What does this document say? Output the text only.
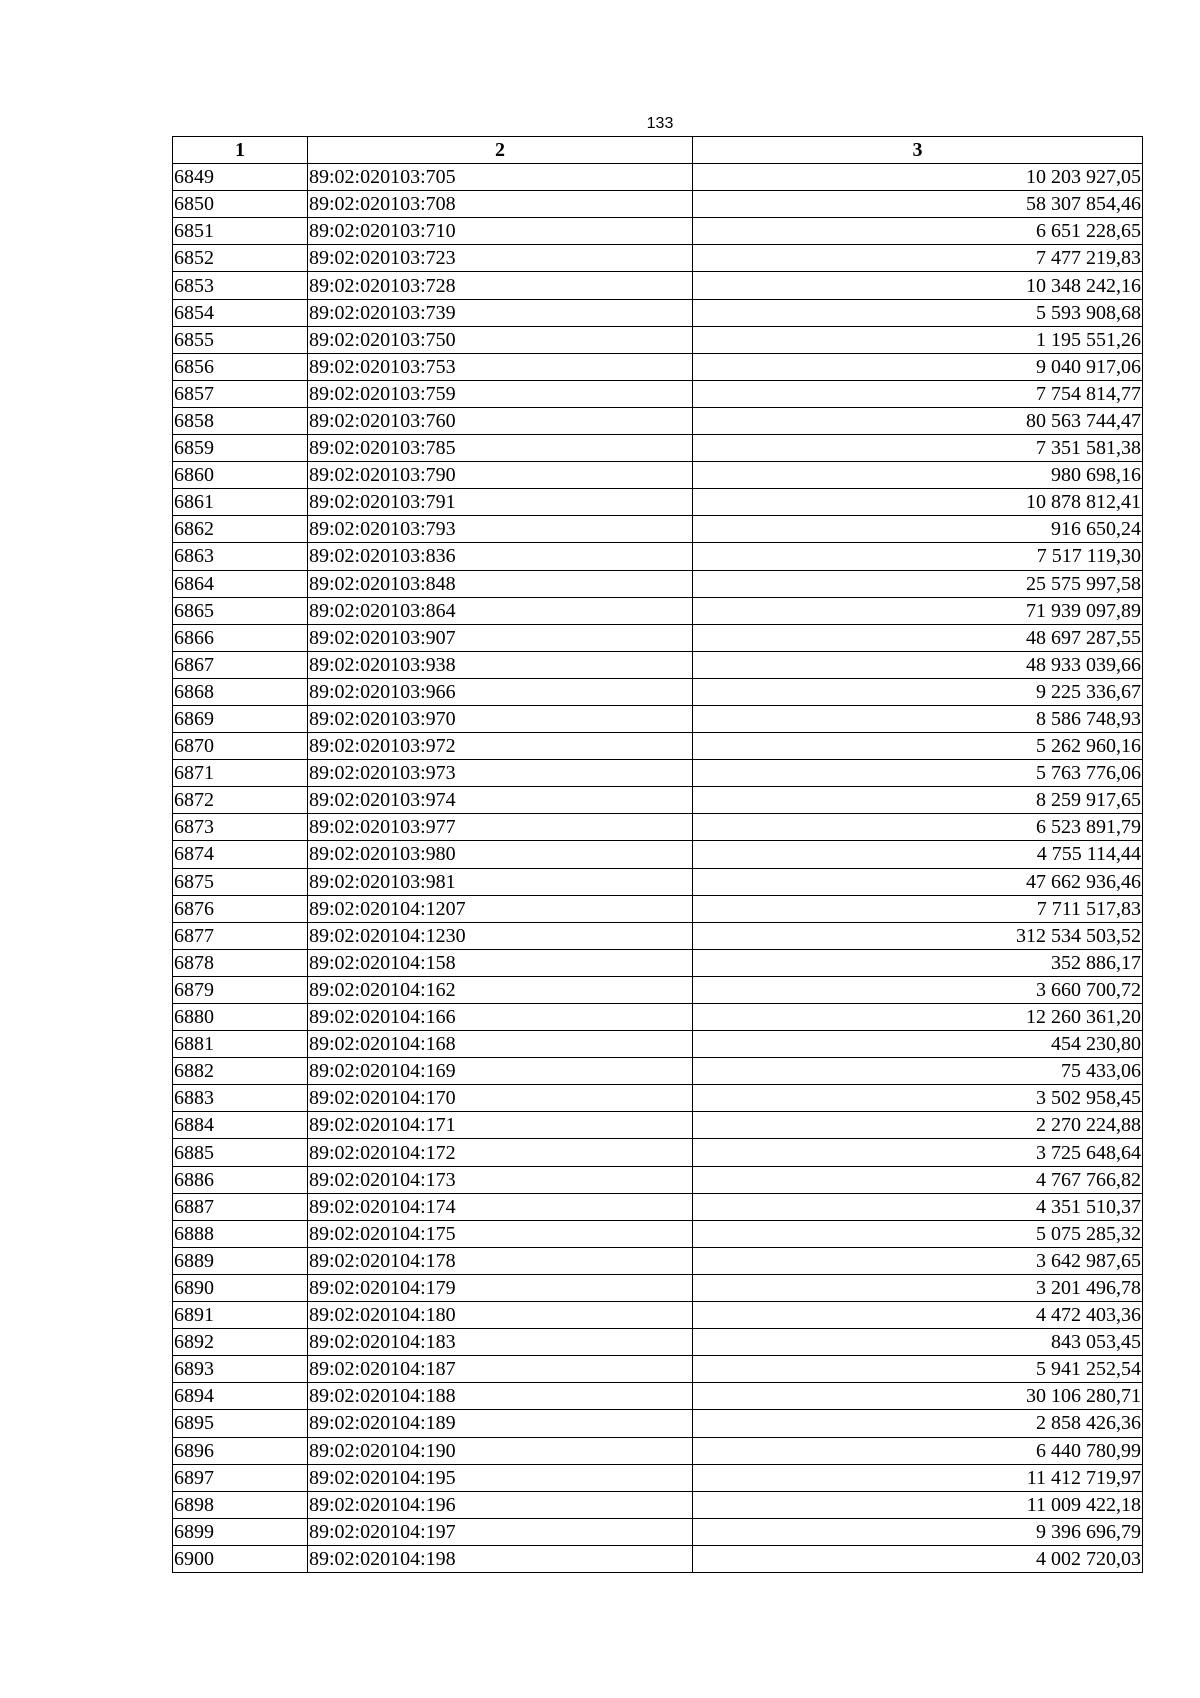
133
1	2	3
6849	89:02:020103:705	10 203 927,05
6850	89:02:020103:708	58 307 854,46
6851	89:02:020103:710	6 651 228,65
6852	89:02:020103:723	7 477 219,83
6853	89:02:020103:728	10 348 242,16
6854	89:02:020103:739	5 593 908,68
6855	89:02:020103:750	1 195 551,26
6856	89:02:020103:753	9 040 917,06
6857	89:02:020103:759	7 754 814,77
6858	89:02:020103:760	80 563 744,47
6859	89:02:020103:785	7 351 581,38
6860	89:02:020103:790	980 698,16
6861	89:02:020103:791	10 878 812,41
6862	89:02:020103:793	916 650,24
6863	89:02:020103:836	7 517 119,30
6864	89:02:020103:848	25 575 997,58
6865	89:02:020103:864	71 939 097,89
6866	89:02:020103:907	48 697 287,55
6867	89:02:020103:938	48 933 039,66
6868	89:02:020103:966	9 225 336,67
6869	89:02:020103:970	8 586 748,93
6870	89:02:020103:972	5 262 960,16
6871	89:02:020103:973	5 763 776,06
6872	89:02:020103:974	8 259 917,65
6873	89:02:020103:977	6 523 891,79
6874	89:02:020103:980	4 755 114,44
6875	89:02:020103:981	47 662 936,46
6876	89:02:020104:1207	7 711 517,83
6877	89:02:020104:1230	312 534 503,52
6878	89:02:020104:158	352 886,17
6879	89:02:020104:162	3 660 700,72
6880	89:02:020104:166	12 260 361,20
6881	89:02:020104:168	454 230,80
6882	89:02:020104:169	75 433,06
6883	89:02:020104:170	3 502 958,45
6884	89:02:020104:171	2 270 224,88
6885	89:02:020104:172	3 725 648,64
6886	89:02:020104:173	4 767 766,82
6887	89:02:020104:174	4 351 510,37
6888	89:02:020104:175	5 075 285,32
6889	89:02:020104:178	3 642 987,65
6890	89:02:020104:179	3 201 496,78
6891	89:02:020104:180	4 472 403,36
6892	89:02:020104:183	843 053,45
6893	89:02:020104:187	5 941 252,54
6894	89:02:020104:188	30 106 280,71
6895	89:02:020104:189	2 858 426,36
6896	89:02:020104:190	6 440 780,99
6897	89:02:020104:195	11 412 719,97
6898	89:02:020104:196	11 009 422,18
6899	89:02:020104:197	9 396 696,79
6900	89:02:020104:198	4 002 720,03
